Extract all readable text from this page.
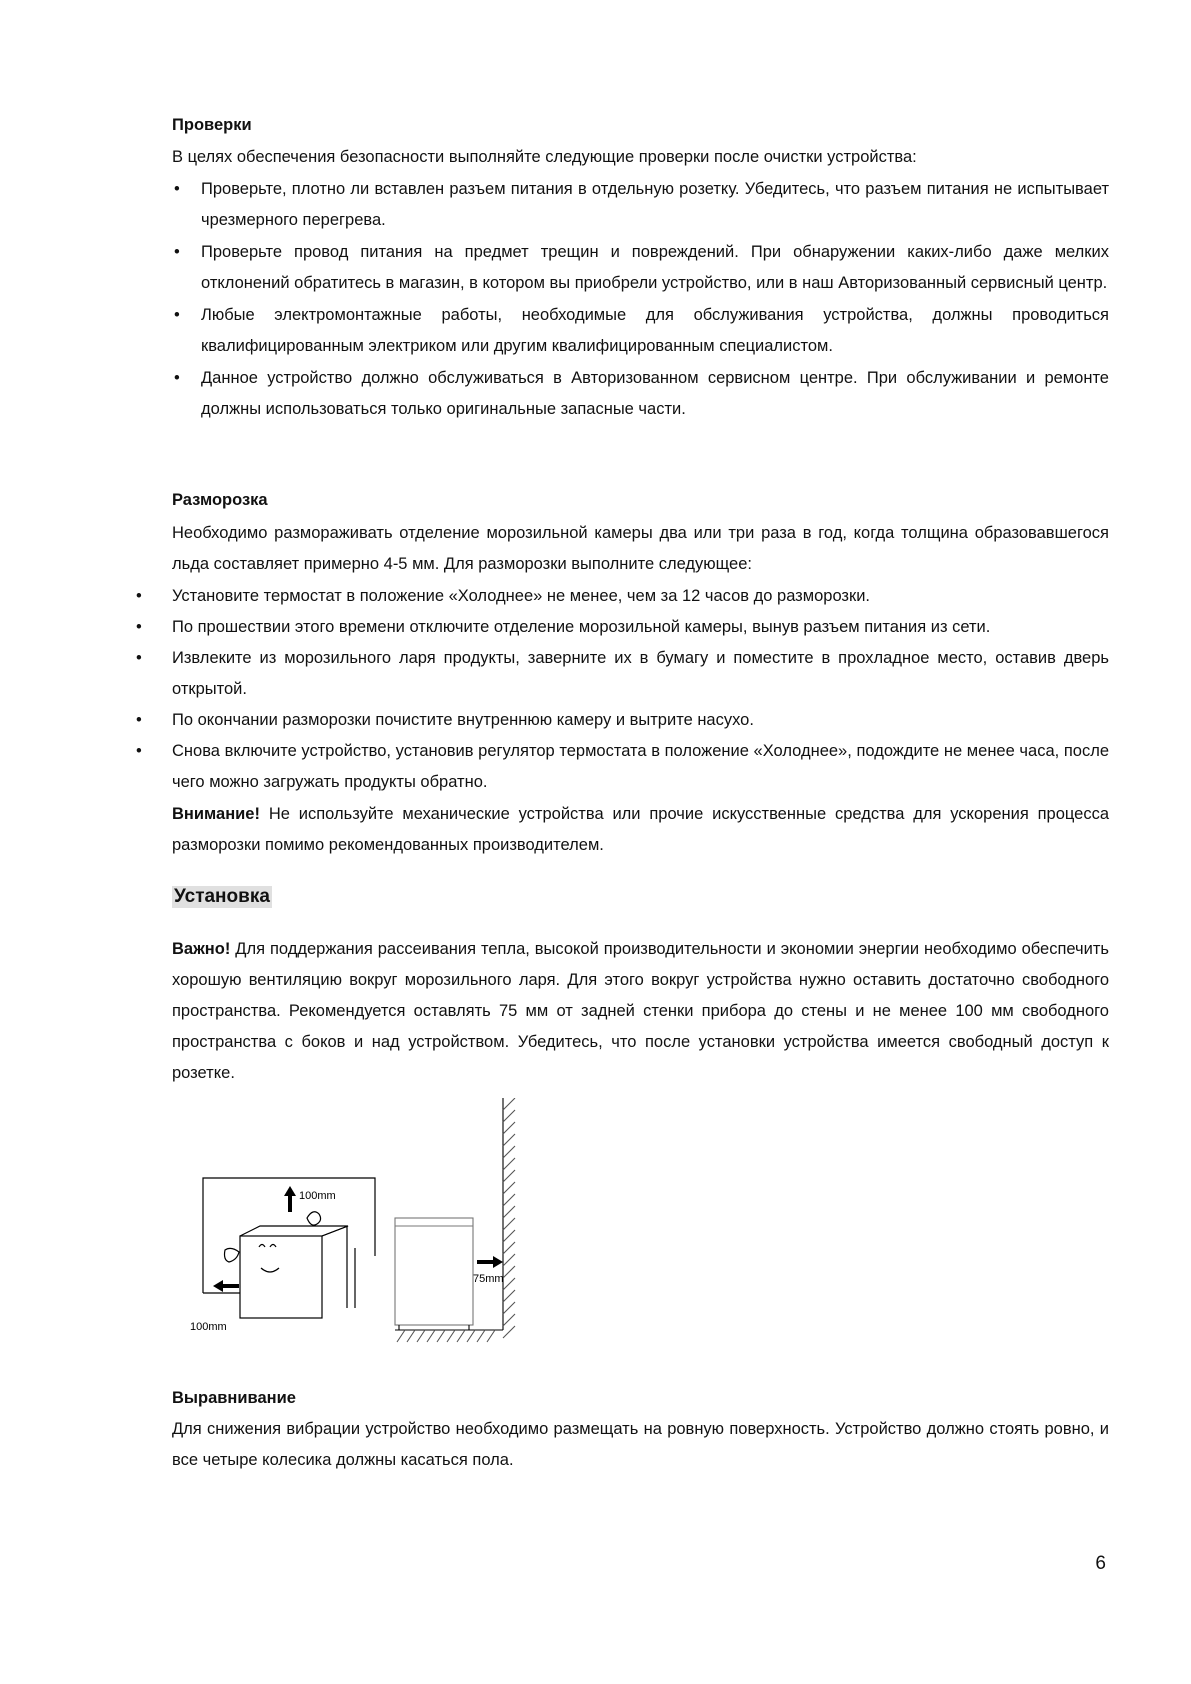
Проверки
В целях обеспечения безопасности выполняйте следующие проверки после очистки устройства:
• Проверьте, плотно ли вставлен разъем питания в отдельную розетку. Убедитесь, что разъем питания не испытывает чрезмерного перегрева.
• Проверьте провод питания на предмет трещин и повреждений. При обнаружении каких-либо даже мелких отклонений обратитесь в магазин, в котором вы приобрели устройство, или в наш Авторизованный сервисный центр.
• Любые электромонтажные работы, необходимые для обслуживания устройства, должны проводиться квалифицированным электриком или другим квалифицированным специалистом.
• Данное устройство должно обслуживаться в Авторизованном сервисном центре. При обслуживании и ремонте должны использоваться только оригинальные запасные части.
Разморозка
Необходимо размораживать отделение морозильной камеры два или три раза в год, когда толщина образовавшегося льда составляет примерно 4-5 мм. Для разморозки выполните следующее:
• Установите термостат в положение «Холоднее» не менее, чем за 12 часов до разморозки.
• По прошествии этого времени отключите отделение морозильной камеры, вынув разъем питания из сети.
• Извлеките из морозильного ларя продукты, заверните их в бумагу и поместите в прохладное место, оставив дверь открытой.
• По окончании разморозки почистите внутреннюю камеру и вытрите насухо.
• Снова включите устройство, установив регулятор термостата в положение «Холоднее», подождите не менее часа, после чего можно загружать продукты обратно.
Внимание! Не используйте механические устройства или прочие искусственные средства для ускорения процесса разморозки помимо рекомендованных производителем.
Установка
Важно! Для поддержания рассеивания тепла, высокой производительности и экономии энергии необходимо обеспечить хорошую вентиляцию вокруг морозильного ларя. Для этого вокруг устройства нужно оставить достаточно свободного пространства. Рекомендуется оставлять 75 мм от задней стенки прибора до стены и не менее 100 мм свободного пространства с боков и над устройством. Убедитесь, что после установки устройства имеется свободный доступ к розетке.
100mm
100mm
75mm
Выравнивание
Для снижения вибрации устройство необходимо размещать на ровную поверхность. Устройство должно стоять ровно, и все четыре колесика должны касаться пола.
6
